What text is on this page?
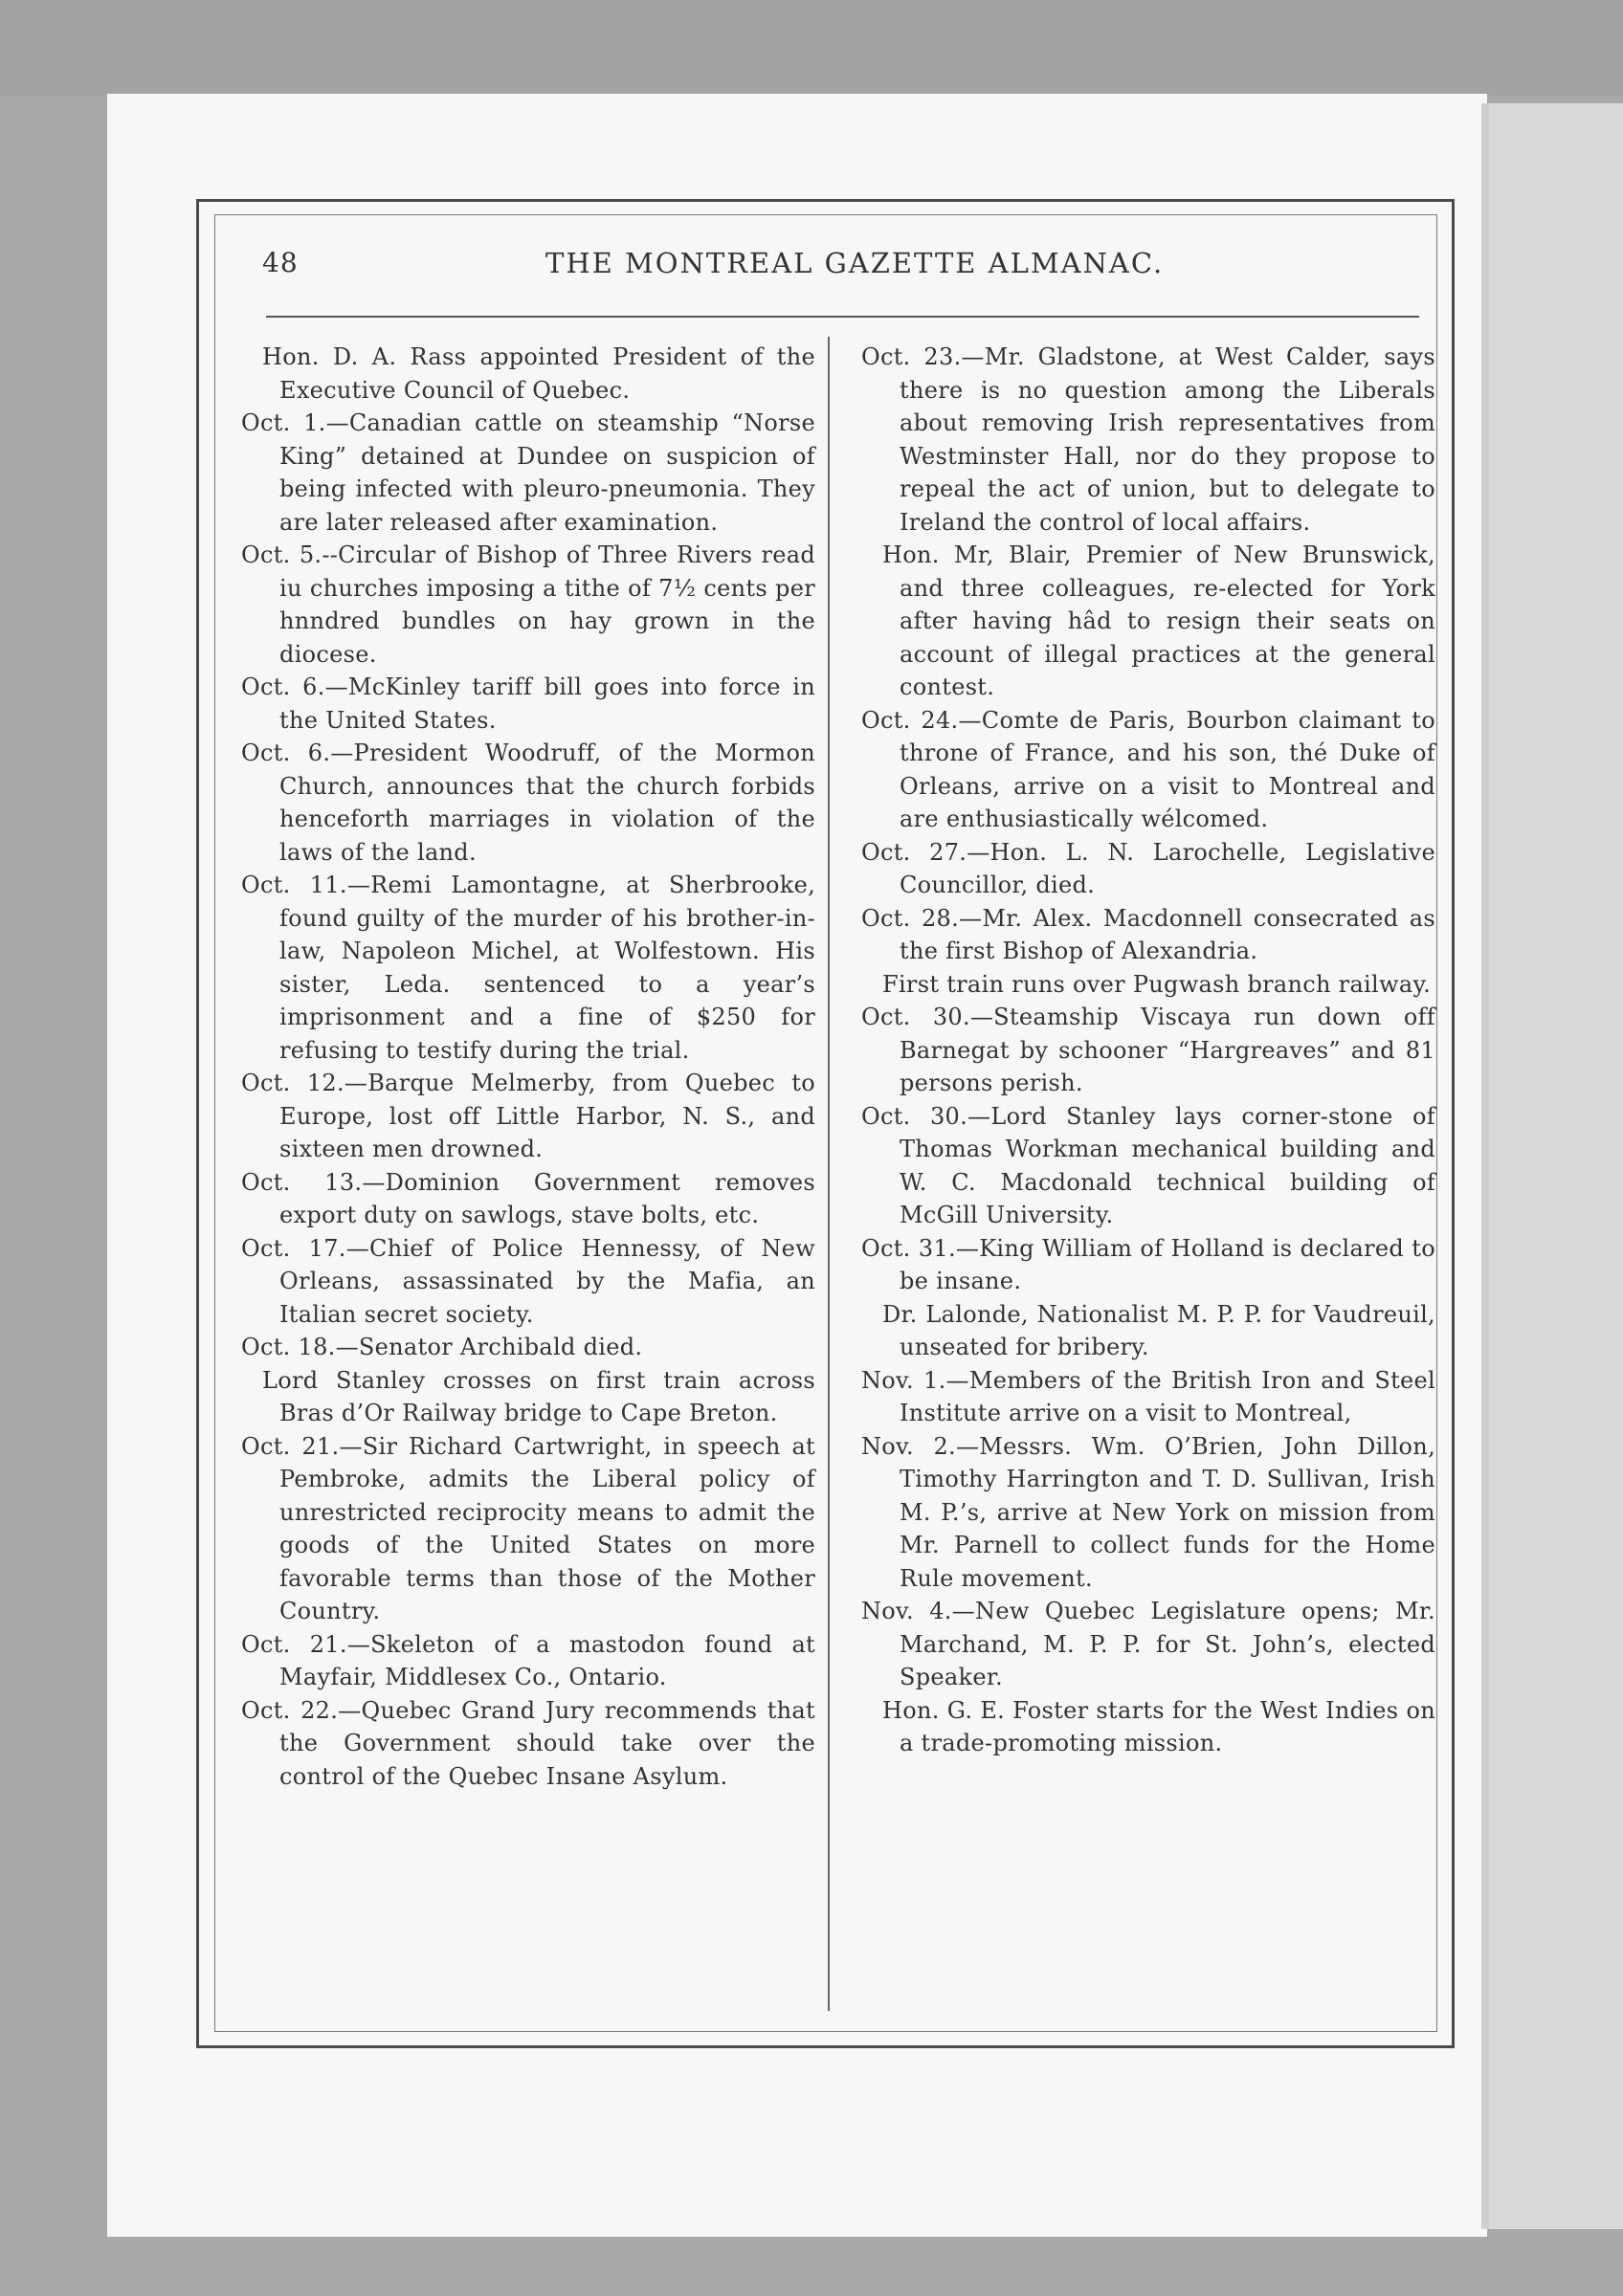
48	THE MONTREAL GAZETTE ALMANAC.

Hon. D. A. Rass appointed President of the Executive Council of Quebec.

Oct. 1.—Canadian cattle on steamship “Norse King” detained at Dundee on suspicion of being infected with pleuro-pneumonia. They are later released after examination.

Oct. 5.--Circular of Bishop of Three Rivers read iu churches imposing a tithe of 7½ cents per hnndred bundles on hay grown in the diocese.

Oct. 6.—McKinley tariff bill goes into force in the United States.

Oct. 6.—President Woodruff, of the Mormon Church, announces that the church forbids henceforth marriages in violation of the laws of the land.

Oct. 11.—Remi Lamontagne, at Sherbrooke, found guilty of the murder of his brother-in-law, Napoleon Michel, at Wolfestown. His sister, Leda. sentenced to a year’s imprisonment and a fine of $250 for refusing to testify during the trial.

Oct. 12.—Barque Melmerby, from Quebec to Europe, lost off Little Harbor, N. S., and sixteen men drowned.

Oct. 13.—Dominion Government removes export duty on sawlogs, stave bolts, etc.

Oct. 17.—Chief of Police Hennessy, of New Orleans, assassinated by the Mafia, an Italian secret society.

Oct. 18.—Senator Archibald died.

Lord Stanley crosses on first train across Bras d’Or Railway bridge to Cape Breton.

Oct. 21.—Sir Richard Cartwright, in speech at Pembroke, admits the Liberal policy of unrestricted reciprocity means to admit the goods of the United States on more favorable terms than those of the Mother Country.

Oct. 21.—Skeleton of a mastodon found at Mayfair, Middlesex Co., Ontario.

Oct. 22.—Quebec Grand Jury recommends that the Government should take over the control of the Quebec Insane Asylum.

Oct. 23.—Mr. Gladstone, at West Calder, says there is no question among the Liberals about removing Irish representatives from Westminster Hall, nor do they propose to repeal the act of union, but to delegate to Ireland the control of local affairs.

Hon. Mr, Blair, Premier of New Brunswick, and three colleagues, re-elected for York after having hâd to resign their seats on account of illegal practices at the general contest.

Oct. 24.—Comte de Paris, Bourbon claimant to throne of France, and his son, thé Duke of Orleans, arrive on a visit to Montreal and are enthusiastically wélcomed.

Oct. 27.—Hon. L. N. Larochelle, Legislative Councillor, died.

Oct. 28.—Mr. Alex. Macdonnell consecrated as the first Bishop of Alexandria.

First train runs over Pugwash branch railway.

Oct. 30.—Steamship Viscaya run down off Barnegat by schooner “Hargreaves” and 81 persons perish.

Oct. 30.—Lord Stanley lays corner-stone of Thomas Workman mechanical building and W. C. Macdonald technical building of McGill University.

Oct. 31.—King William of Holland is declared to be insane.

Dr. Lalonde, Nationalist M. P. P. for Vaudreuil, unseated for bribery.

Nov. 1.—Members of the British Iron and Steel Institute arrive on a visit to Montreal,

Nov. 2.—Messrs. Wm. O’Brien, John Dillon, Timothy Harrington and T. D. Sullivan, Irish M. P.’s, arrive at New York on mission from Mr. Parnell to collect funds for the Home Rule movement.

Nov. 4.—New Quebec Legislature opens; Mr. Marchand, M. P. P. for St. John’s, elected Speaker.

Hon. G. E. Foster starts for the West Indies on a trade-promoting mission.
